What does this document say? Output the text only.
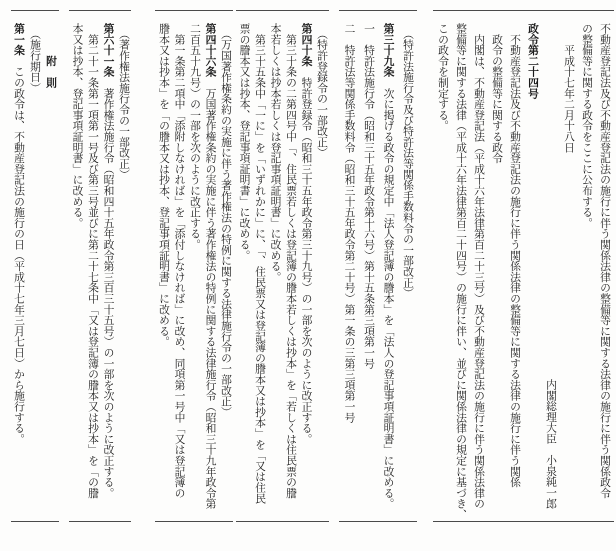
不動産登記法及び不動産登記法の施行に伴う関係法律の整備等に関する法律の施行に伴う関係政令
の整備等に関する政令をここに公布する。
　　平成十七年二月十八日
内閣総理大臣　小泉純一郎
政令第二十四号
　不動産登記法及び不動産登記法の施行に伴う関係法律の整備等に関する法律の施行に伴う関係
　政令の整備等に関する政令
　内閣は、不動産登記法（平成十六年法律第百二十三号）及び不動産登記法の施行に伴う関係法律の
整備等に関する法律（平成十六年法律第百二十四号）の施行に伴い、並びに関係法律の規定に基づき、
この政令を制定する。
　（特許法施行令及び特許法等関係手数料令の一部改正）
第三十九条　次に掲げる政令の規定中「法人登記簿の謄本」を「法人の登記事項証明書」に改める。
一　特許法施行令（昭和三十五年政令第十六号）第十五条第三項第一号
二　特許法等関係手数料令（昭和三十五年政令第二十号）第一条の三第三項第一号
　（特許登録令の一部改正）
第四十条　特許登録令（昭和三十五年政令第三十九号）の一部を次のように改正する。
　第三十条の二第四号中「、住民票若しくは登記簿の謄本若しくは抄本」を「若しくは住民票の謄
本若しくは抄本若しくは登記事項証明書」に改める。
　第三十五条中「一に」を「いずれかに」に、「、住民票又は登記簿の謄本又は抄本」を「又は住民
票の謄本又は抄本、登記事項証明書」に改める。
　（万国著作権条約の実施に伴う著作権法の特例に関する法律施行令の一部改正）
第四十六条　万国著作権条約の実施に伴う著作権法の特例に関する法律施行令（昭和三十九年政令第
二百五十九号）の一部を次のように改正する。
　第一条第二項中「添附しなければ」を「添付しなければ」に改め、同項第一号中「又は登記簿の
謄本又は抄本」を「の謄本又は抄本、登記事項証明書」に改める。
　（著作権法施行令の一部改正）
第六十一条　著作権法施行令（昭和四十五年政令第三百三十五号）の一部を次のように改正する。
　第二十一条第一項第一号及び第三号並びに第二十七条中「又は登記簿の謄本又は抄本」を「の謄
本又は抄本、登記事項証明書」に改める。
　　　附　則
　（施行期日）
第一条　この政令は、不動産登記法の施行の日（平成十七年三月七日）から施行する。
